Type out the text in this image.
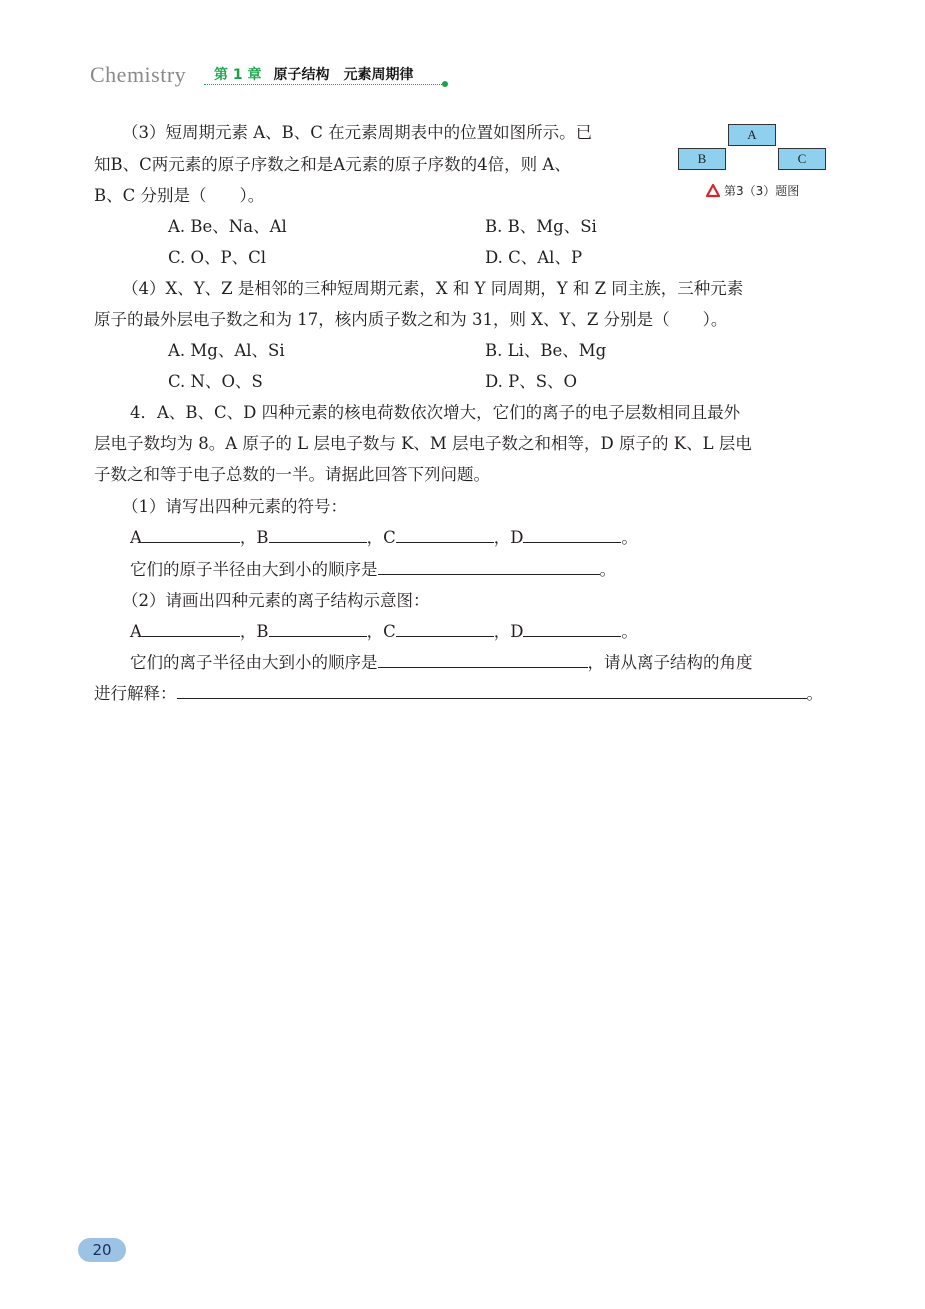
Chemistry 第 1 章 原子结构 元素周期律
（3）短周期元素 A、B、C 在元素周期表中的位置如图所示。已
知B、C两元素的原子序数之和是A元素的原子序数的4倍，则 A、
B、C 分别是（　　）。
A. Be、Na、Al	B. B、Mg、Si
C. O、P、Cl	D. C、Al、P
A
B	C
第3（3）题图
（4）X、Y、Z 是相邻的三种短周期元素，X 和 Y 同周期，Y 和 Z 同主族，三种元素
原子的最外层电子数之和为 17，核内质子数之和为 31，则 X、Y、Z 分别是（　　）。
A. Mg、Al、Si	B. Li、Be、Mg
C. N、O、S	D. P、S、O
4．A、B、C、D 四种元素的核电荷数依次增大，它们的离子的电子层数相同且最外
层电子数均为 8。A 原子的 L 层电子数与 K、M 层电子数之和相等，D 原子的 K、L 层电
子数之和等于电子总数的一半。请据此回答下列问题。
（1）请写出四种元素的符号：
A	，B	，C	，D	。
它们的原子半径由大到小的顺序是	。
（2）请画出四种元素的离子结构示意图：
A	，B	，C	，D	。
它们的离子半径由大到小的顺序是	，请从离子结构的角度
进行解释：	。
20
